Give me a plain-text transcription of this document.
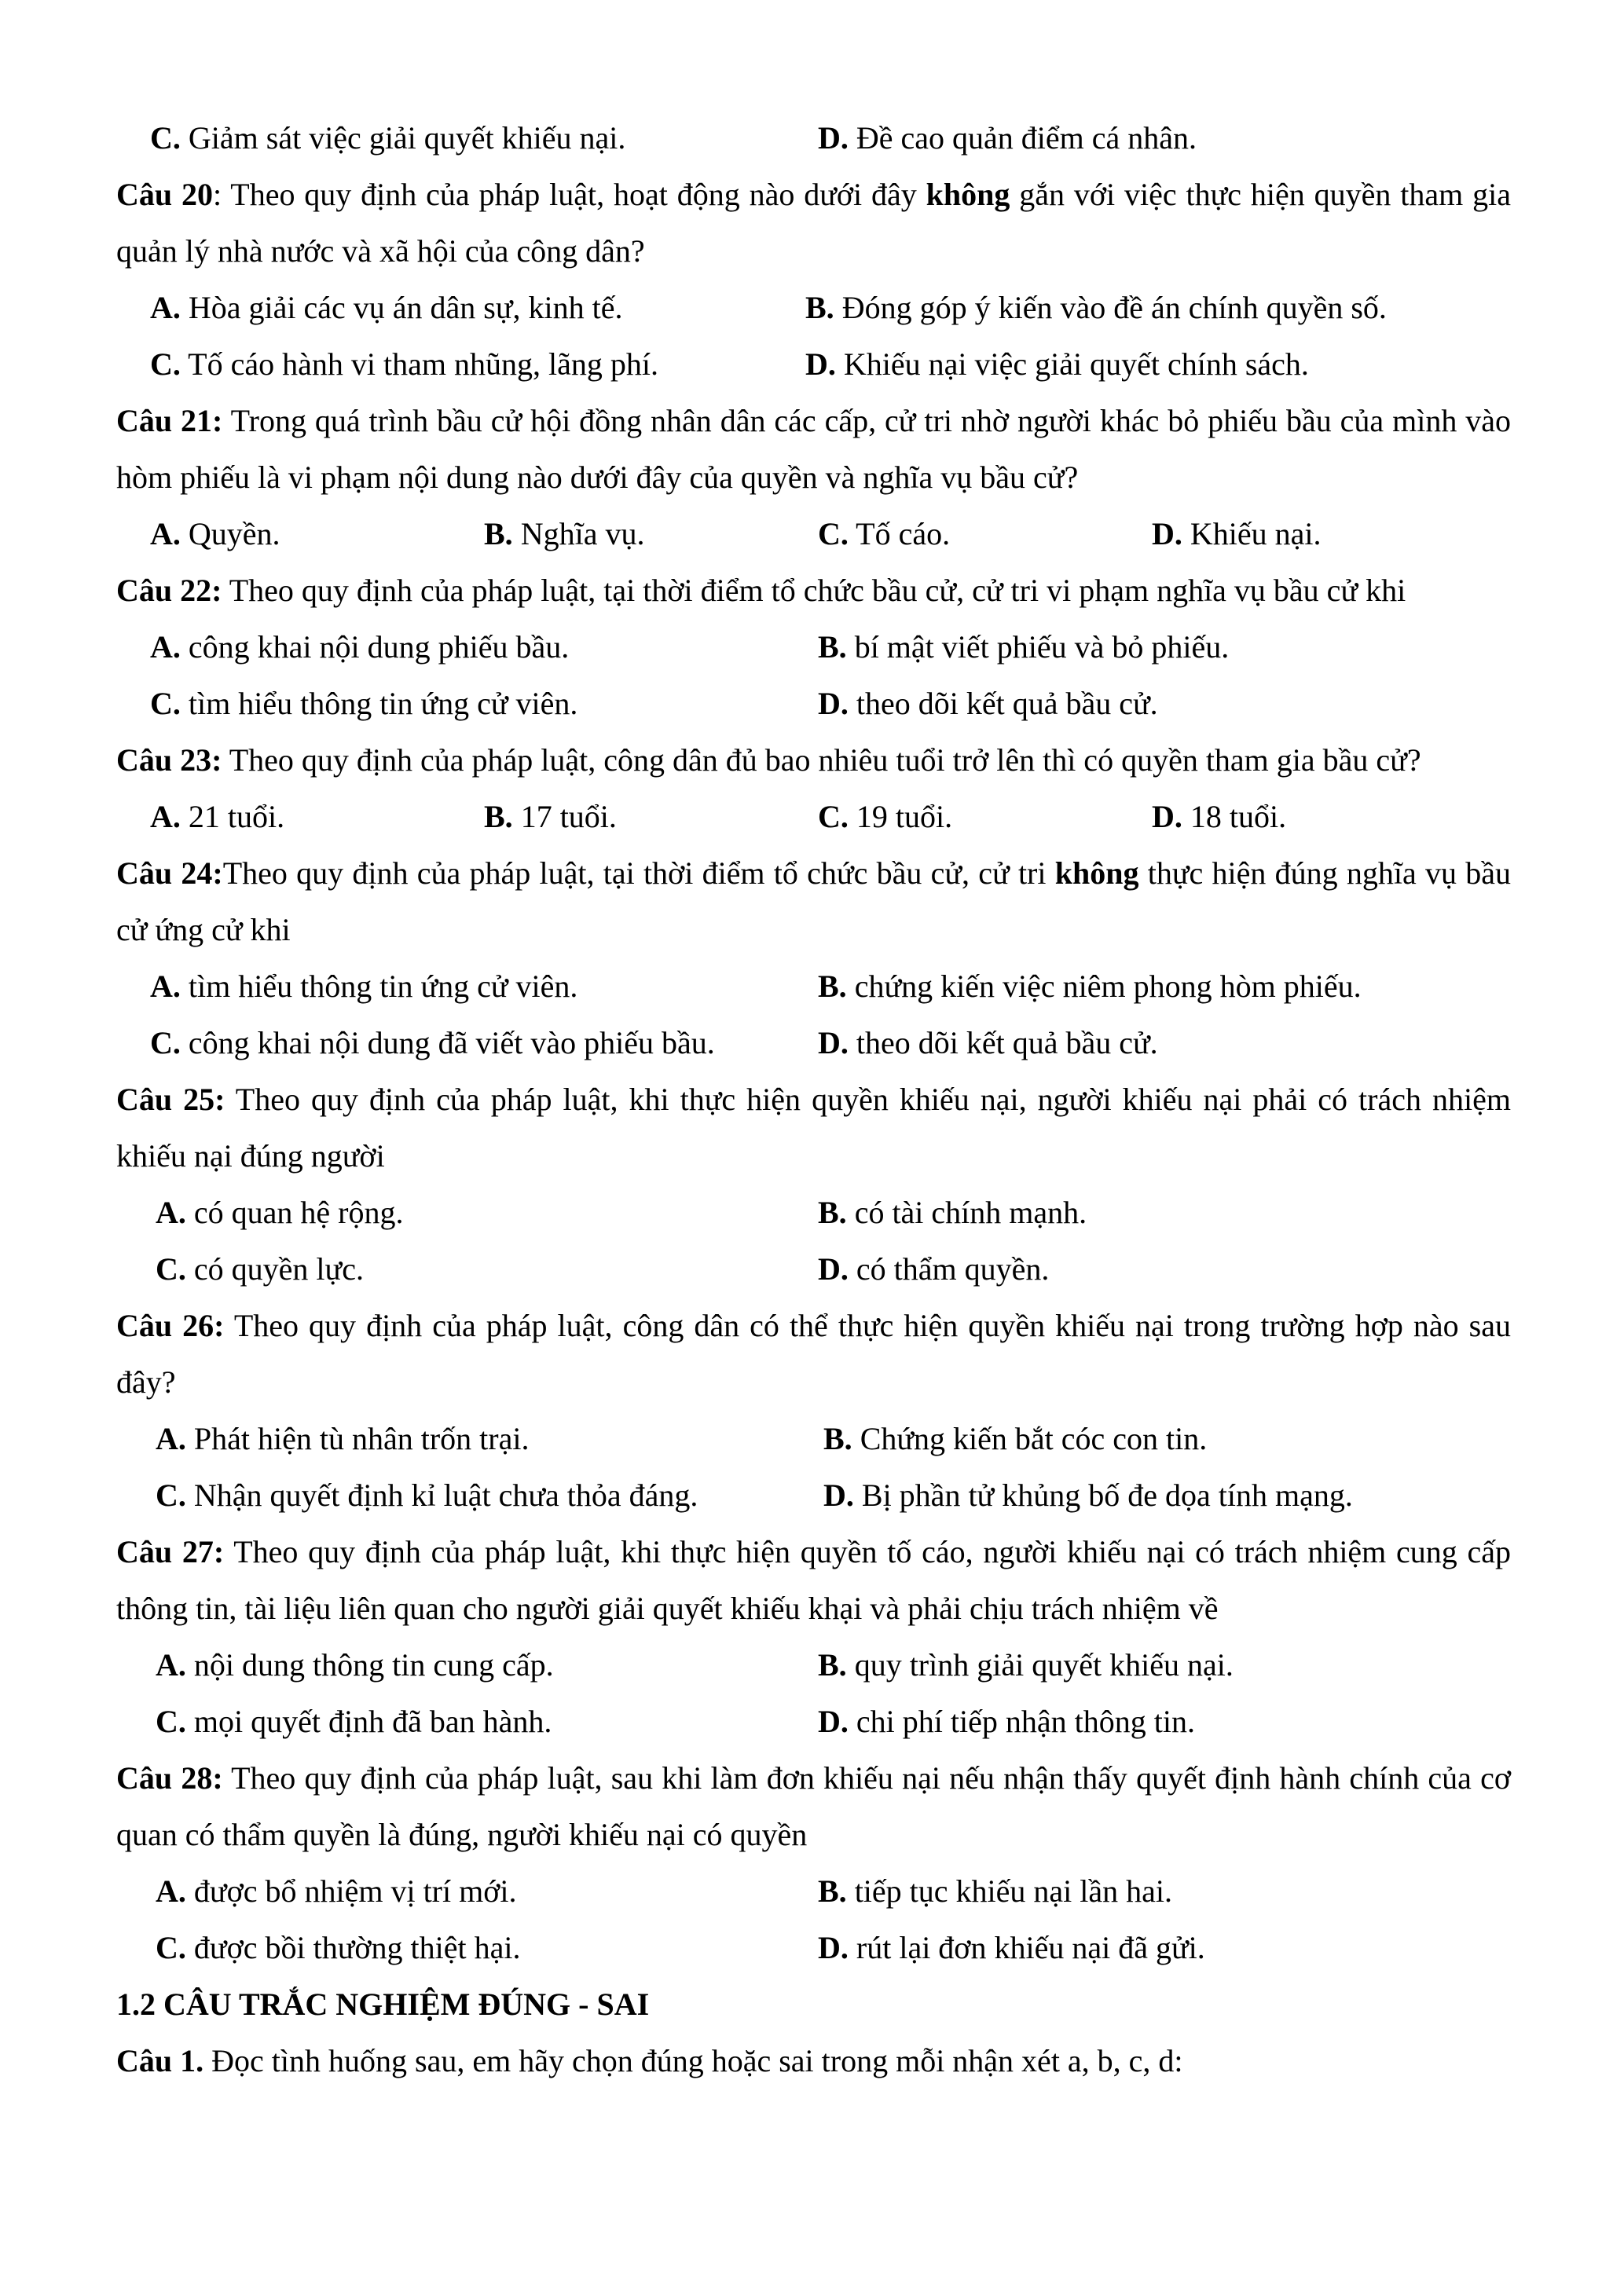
C. Giảm sát việc giải quyết khiếu nại.	D. Đề cao quản điểm cá nhân.
Câu 20: Theo quy định của pháp luật, hoạt động nào dưới đây không gắn với việc thực hiện quyền tham gia quản lý nhà nước và xã hội của công dân?
A. Hòa giải các vụ án dân sự, kinh tế.	B. Đóng góp ý kiến vào đề án chính quyền số.
C. Tố cáo hành vi tham nhũng, lãng phí.	D. Khiếu nại việc giải quyết chính sách.
Câu 21: Trong quá trình bầu cử hội đồng nhân dân các cấp, cử tri nhờ người khác bỏ phiếu bầu của mình vào hòm phiếu là vi phạm nội dung nào dưới đây của quyền và nghĩa vụ bầu cử?
A. Quyền.	B. Nghĩa vụ.	C. Tố cáo.	D. Khiếu nại.
Câu 22: Theo quy định của pháp luật, tại thời điểm tổ chức bầu cử, cử tri vi phạm nghĩa vụ bầu cử khi
A. công khai nội dung phiếu bầu.	B. bí mật viết phiếu và bỏ phiếu.
C. tìm hiểu thông tin ứng cử viên.	D. theo dõi kết quả bầu cử.
Câu 23: Theo quy định của pháp luật, công dân đủ bao nhiêu tuổi trở lên thì có quyền tham gia bầu cử?
A. 21 tuổi.	B. 17 tuổi.	C. 19 tuổi.	D. 18 tuổi.
Câu 24:Theo quy định của pháp luật, tại thời điểm tổ chức bầu cử, cử tri không thực hiện đúng nghĩa vụ bầu cử ứng cử khi
A. tìm hiểu thông tin ứng cử viên.	B. chứng kiến việc niêm phong hòm phiếu.
C. công khai nội dung đã viết vào phiếu bầu.	D. theo dõi kết quả bầu cử.
Câu 25: Theo quy định của pháp luật, khi thực hiện quyền khiếu nại, người khiếu nại phải có trách nhiệm khiếu nại đúng người
A. có quan hệ rộng.	B. có tài chính mạnh.
C. có quyền lực.	D. có thẩm quyền.
Câu 26: Theo quy định của pháp luật, công dân có thể thực hiện quyền khiếu nại trong trường hợp nào sau đây?
A. Phát hiện tù nhân trốn trại.	B. Chứng kiến bắt cóc con tin.
C. Nhận quyết định kỉ luật chưa thỏa đáng.	D. Bị phần tử khủng bố đe dọa tính mạng.
Câu 27: Theo quy định của pháp luật, khi thực hiện quyền tố cáo, người khiếu nại có trách nhiệm cung cấp thông tin, tài liệu liên quan cho người giải quyết khiếu khại và phải chịu trách nhiệm về
A. nội dung thông tin cung cấp.	B. quy trình giải quyết khiếu nại.
C. mọi quyết định đã ban hành.	D. chi phí tiếp nhận thông tin.
Câu 28: Theo quy định của pháp luật, sau khi làm đơn khiếu nại nếu nhận thấy quyết định hành chính của cơ quan có thẩm quyền là đúng, người khiếu nại có quyền
A. được bổ nhiệm vị trí mới.	B. tiếp tục khiếu nại lần hai.
C. được bồi thường thiệt hại.	D. rút lại đơn khiếu nại đã gửi.
1.2 CÂU TRẮC NGHIỆM ĐÚNG - SAI
Câu 1. Đọc tình huống sau, em hãy chọn đúng hoặc sai trong mỗi nhận xét a, b, c, d:
